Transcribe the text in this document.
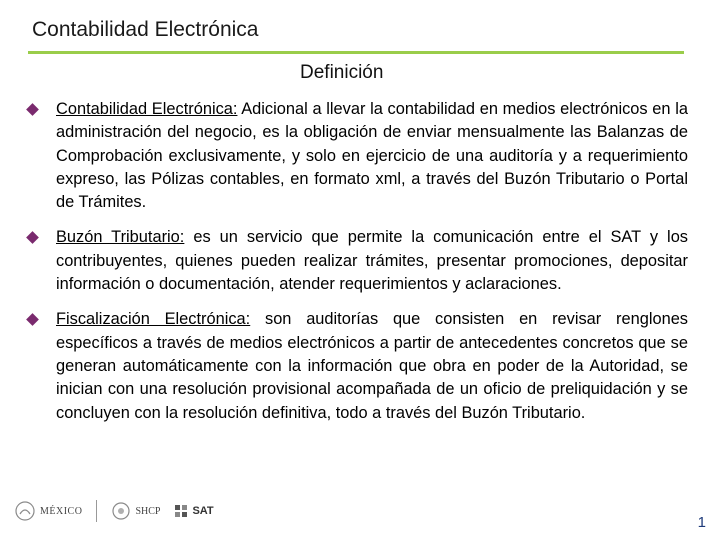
Contabilidad Electrónica
Definición
Contabilidad Electrónica: Adicional a llevar la contabilidad en medios electrónicos en la administración del negocio, es la obligación de enviar mensualmente las Balanzas de Comprobación exclusivamente, y solo en ejercicio de una auditoría y a requerimiento expreso, las Pólizas contables, en formato xml, a través del Buzón Tributario o Portal de Trámites.
Buzón Tributario: es un servicio que permite la comunicación entre el SAT y los contribuyentes, quienes pueden realizar trámites, presentar promociones, depositar información o documentación, atender requerimientos y aclaraciones.
Fiscalización Electrónica: son auditorías que consisten en revisar renglones específicos a través de medios electrónicos a partir de antecedentes concretos que se generan automáticamente con la información que obra en poder de la Autoridad, se inician con una resolución provisional acompañada de un oficio de preliquidación y se concluyen con la resolución definitiva, todo a través del Buzón Tributario.
MÉXICO	SHCP	SAT
1
